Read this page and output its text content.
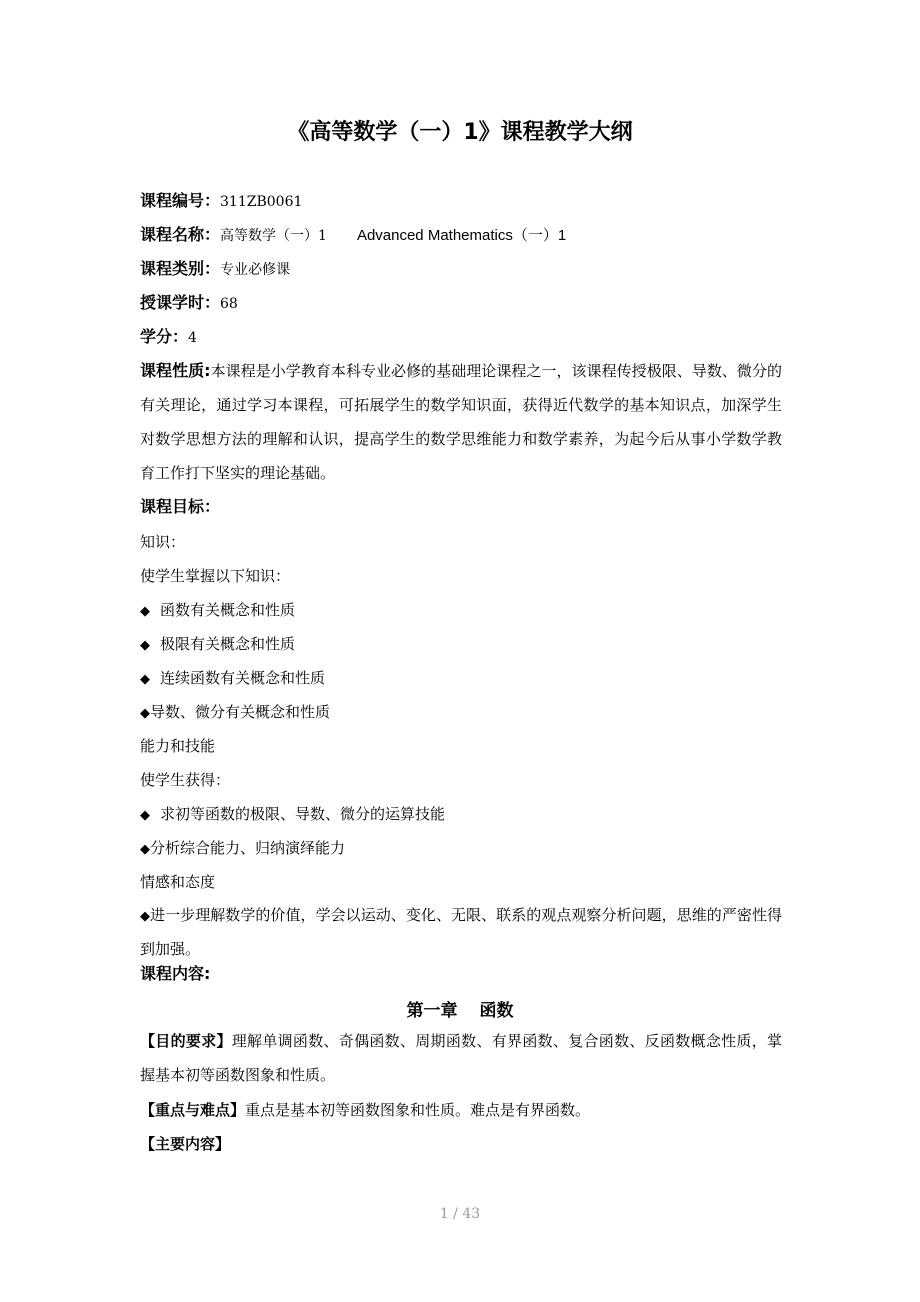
《高等数学（一）1》课程教学大纲
课程编号：311ZB0061
课程名称：高等数学（一）1 Advanced Mathematics（一）1
课程类别：专业必修课
授课学时：68
学分：4
课程性质:本课程是小学教育本科专业必修的基础理论课程之一，该课程传授极限、导数、微分的有关理论，通过学习本课程，可拓展学生的数学知识面，获得近代数学的基本知识点，加深学生对数学思想方法的理解和认识，提高学生的数学思维能力和数学素养，为起今后从事小学数学教育工作打下坚实的理论基础。
课程目标：
知识：
使学生掌握以下知识：
◆ 函数有关概念和性质
◆ 极限有关概念和性质
◆ 连续函数有关概念和性质
◆导数、微分有关概念和性质
能力和技能
使学生获得：
◆ 求初等函数的极限、导数、微分的运算技能
◆分析综合能力、归纳演绎能力
情感和态度
◆进一步理解数学的价值，学会以运动、变化、无限、联系的观点观察分析问题，思维的严密性得到加强。
课程内容:
第一章 函数
【目的要求】理解单调函数、奇偶函数、周期函数、有界函数、复合函数、反函数概念性质，掌握基本初等函数图象和性质。
【重点与难点】重点是基本初等函数图象和性质。难点是有界函数。
【主要内容】
1 / 43
